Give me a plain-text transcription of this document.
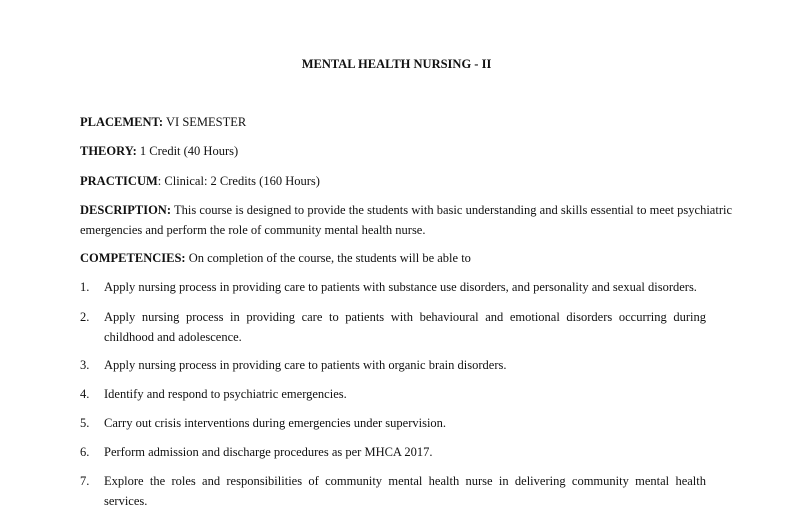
MENTAL HEALTH NURSING - II
PLACEMENT: VI SEMESTER
THEORY: 1 Credit (40 Hours)
PRACTICUM: Clinical: 2 Credits (160 Hours)
DESCRIPTION: This course is designed to provide the students with basic understanding and skills essential to meet psychiatric emergencies and perform the role of community mental health nurse.
COMPETENCIES: On completion of the course, the students will be able to
1.	Apply nursing process in providing care to patients with substance use disorders, and personality and sexual disorders.
2.	Apply nursing process in providing care to patients with behavioural and emotional disorders occurring during childhood and adolescence.
3.	Apply nursing process in providing care to patients with organic brain disorders.
4.	Identify and respond to psychiatric emergencies.
5.	Carry out crisis interventions during emergencies under supervision.
6.	Perform admission and discharge procedures as per MHCA 2017.
7.	Explore the roles and responsibilities of community mental health nurse in delivering community mental health services.
